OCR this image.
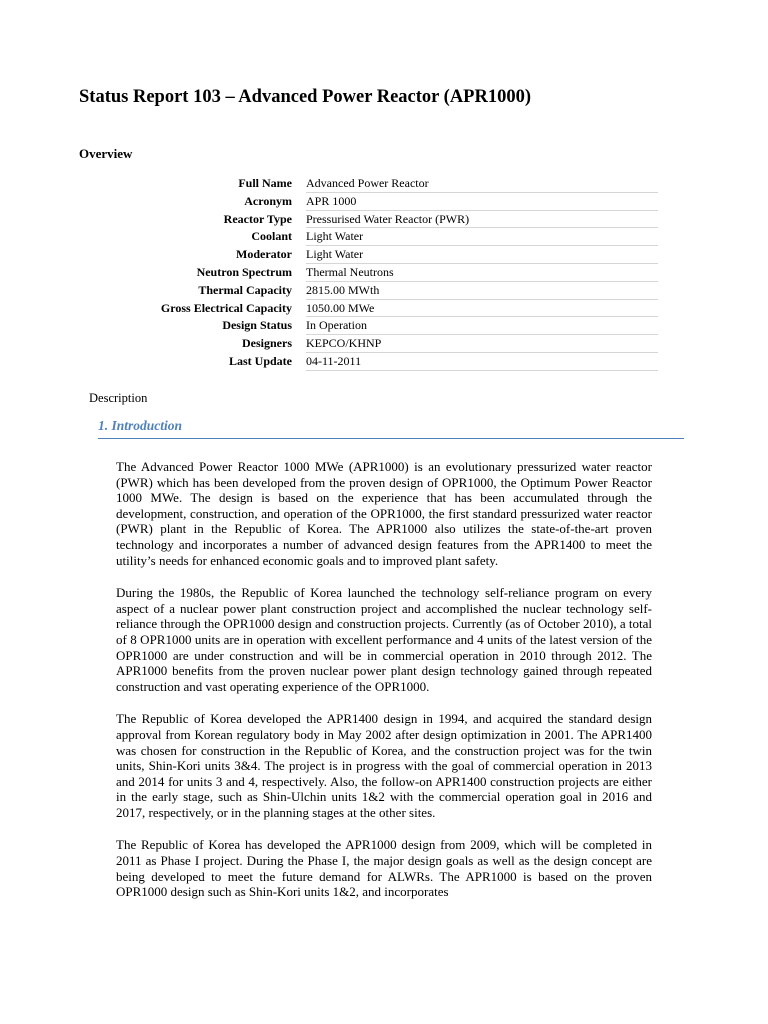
Status Report 103 – Advanced Power Reactor (APR1000)
Overview
Full Name	Advanced Power Reactor
Acronym	APR 1000
Reactor Type	Pressurised Water Reactor (PWR)
Coolant	Light Water
Moderator	Light Water
Neutron Spectrum	Thermal Neutrons
Thermal Capacity	2815.00 MWth
Gross Electrical Capacity	1050.00 MWe
Design Status	In Operation
Designers	KEPCO/KHNP
Last Update	04-11-2011
Description
1. Introduction

The Advanced Power Reactor 1000 MWe (APR1000) is an evolutionary pressurized water reactor (PWR) which has been developed from the proven design of OPR1000, the Optimum Power Reactor 1000 MWe. The design is based on the experience that has been accumulated through the development, construction, and operation of the OPR1000, the first standard pressurized water reactor (PWR) plant in the Republic of Korea. The APR1000 also utilizes the state-of-the-art proven technology and incorporates a number of advanced design features from the APR1400 to meet the utility’s needs for enhanced economic goals and to improved plant safety.

During the 1980s, the Republic of Korea launched the technology self-reliance program on every aspect of a nuclear power plant construction project and accomplished the nuclear technology self-reliance through the OPR1000 design and construction projects. Currently (as of October 2010), a total of 8 OPR1000 units are in operation with excellent performance and 4 units of the latest version of the OPR1000 are under construction and will be in commercial operation in 2010 through 2012. The APR1000 benefits from the proven nuclear power plant design technology gained through repeated construction and vast operating experience of the OPR1000.

The Republic of Korea developed the APR1400 design in 1994, and acquired the standard design approval from Korean regulatory body in May 2002 after design optimization in 2001. The APR1400 was chosen for construction in the Republic of Korea, and the construction project was for the twin units, Shin-Kori units 3&4. The project is in progress with the goal of commercial operation in 2013 and 2014 for units 3 and 4, respectively. Also, the follow-on APR1400 construction projects are either in the early stage, such as Shin-Ulchin units 1&2 with the commercial operation goal in 2016 and 2017, respectively, or in the planning stages at the other sites.

The Republic of Korea has developed the APR1000 design from 2009, which will be completed in 2011 as Phase I project. During the Phase I, the major design goals as well as the design concept are being developed to meet the future demand for ALWRs. The APR1000 is based on the proven OPR1000 design such as Shin-Kori units 1&2, and incorporates
